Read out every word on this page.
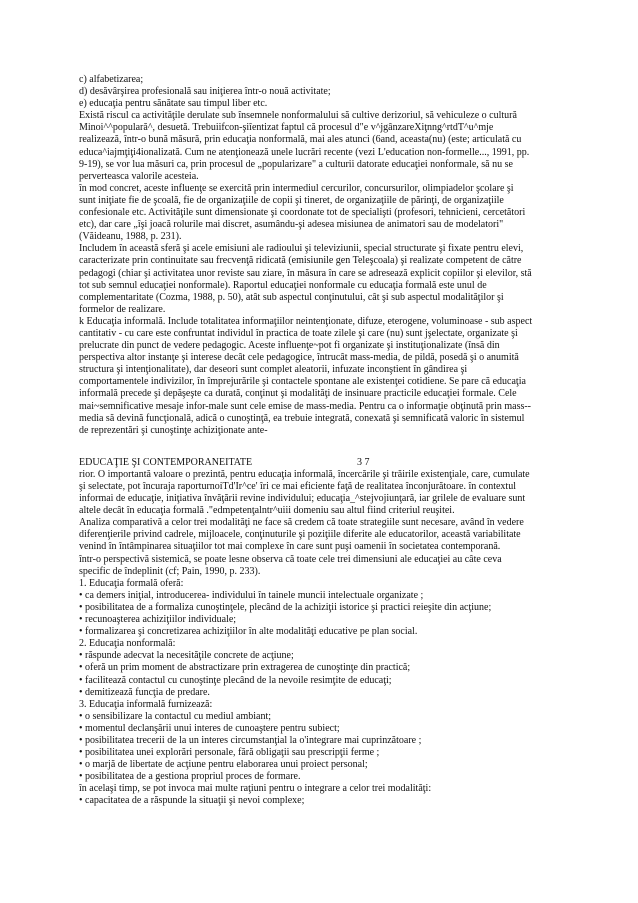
c) alfabetizarea;

d) desăvârşirea profesională sau iniţierea într-o nouă activitate;

e) educaţia pentru sănătate sau timpul liber etc.

Există riscul ca activităţile derulate sub însemnele nonformalului să cultive derizoriul, să vehiculeze o cultură

Minoi^^populară^, desuetă. Trebuiifcon-şiîentizat faptul că procesul d"e v^jgânzareXiţnng^rtdT^u^mje

realizează, într-o bună măsură, prin educaţia nonformală, mai ales atunci (6and, aceasta(nu) (este; articulată cu

educa^iajmţiţi4ionalizată. Cum ne atenţionează unele lucrări recente (vezi L'education non-formelle..., 1991, pp.

9-19), se vor lua măsuri ca, prin procesul de „popularizare" a culturii datorate educaţiei nonformale, să nu se

perverteasca valorile acesteia.

în mod concret, aceste influenţe se exercită prin intermediul cercurilor, concursurilor, olimpiadelor şcolare şi

sunt iniţiate fie de şcoală, fie de organizaţiile de copii şi tineret, de organizaţiile de părinţi, de organizaţiile

confesionale etc. Activităţile sunt dimensionate şi coordonate tot de specialişti (profesori, tehnicieni, cercetători

etc), dar care „îşi joacă rolurile mai discret, asumându-şi adesea misiunea de animatori sau de modelatori"

(Văideanu, 1988, p. 231).

Includem în această sferă şi acele emisiuni ale radioului şi televiziunii, special structurate şi fixate pentru elevi,

caracterizate prin continuitate sau frecvenţă ridicată (emisiunile gen Teleşcoala) şi realizate competent de către

pedagogi (chiar şi activitatea unor reviste sau ziare, în măsura în care se adresează explicit copiilor şi elevilor, stă

tot sub semnul educaţiei nonformale). Raportul educaţiei nonformale cu educaţia formală este unul de

complementaritate (Cozma, 1988, p. 50), atât sub aspectul conţinutului, cât şi sub aspectul modalităţilor şi

formelor de realizare.

k Educaţia informală. Include totalitatea informaţiilor neintenţionate, difuze, eterogene, voluminoase - sub aspect

cantitativ - cu care este confruntat individul în practica de toate zilele şi care (nu) sunt jşelectate, organizate şi

prelucrate din punct de vedere pedagogic. Aceste influenţe~pot fi organizate şi instituţionalizate (însă din

perspectiva altor instanţe şi interese decât cele pedagogice, întrucât mass-media, de pildă, posedă şi o anumită

structura şi intenţionalitate), dar deseori sunt complet aleatorii, infuzate inconştient în gândirea şi

comportamentele indivizilor, în împrejurările şi contactele spontane ale existenţei cotidiene. Se pare că educaţia

informală precede şi depăşeşte ca durată, conţinut şi modalităţi de insinuare practicile educaţiei formale. Cele

mai~semnificative mesaje infor-male sunt cele emise de mass-media. Pentru ca o informaţie obţinută prin mass--

media să devină funcţională, adică o cunoştinţă, ea trebuie integrată, conexată şi semnificată valoric în sistemul

de reprezentări şi cunoştinţe achiziţionate ante-

EDUCAŢIE ŞI CONTEMPORANEITATE	3 7

rior. O importantă valoare o prezintă, pentru educaţia informală, încercările şi trăirile existenţiale, care, cumulate

şi selectate, pot încuraja raporturnoiTd'Ir^ce' îri ce mai eficiente faţă de realitatea înconjurătoare. în contextul

informai de educaţie, iniţiativa învăţării revine individului; educaţia_^stejvojiunţară, iar grilele de evaluare sunt

altele decât în educaţia formală ."edmpetenţalntr^uiii domeniu sau altul fiind criteriul reuşitei.

Analiza comparativă a celor trei modalităţi ne face să credem că toate strategiile sunt necesare, având în vedere

diferenţierile privind cadrele, mijloacele, conţinuturile şi poziţiile diferite ale educatorilor, această variabilitate

venind în întâmpinarea situaţiilor tot mai complexe în care sunt puşi oamenii în societatea contemporană.

într-o perspectivă sistemică, se poate lesne observa că toate cele trei dimensiuni ale educaţiei au câte ceva

specific de îndeplinit (cf; Pain, 1990, p. 233).

1. Educaţia formală oferă:

• ca demers iniţial, introducerea- individului în tainele muncii intelectuale organizate ;

• posibilitatea de a formaliza cunoştinţele, plecând de la achiziţii istorice şi practici reieşite din acţiune;

• recunoaşterea achiziţiilor individuale;

• formalizarea şi concretizarea achiziţiilor în alte modalităţi educative pe plan social.

2. Educaţia nonformală:

• răspunde adecvat la necesităţile concrete de acţiune;

• oferă un prim moment de abstractizare prin extragerea de cunoştinţe din practică;

• facilitează contactul cu cunoştinţe plecând de la nevoile resimţite de educaţi;

• demitizează funcţia de predare.

3. Educaţia informală furnizează:

• o sensibilizare la contactul cu mediul ambiant;

• momentul declanşării unui interes de cunoaştere pentru subiect;

• posibilitatea trecerii de la un interes circumstanţial la o'integrare mai cuprinzătoare ;

• posibilitatea unei explorări personale, fără obligaţii sau prescripţii ferme ;

• o marjă de libertate de acţiune pentru elaborarea unui proiect personal;

• posibilitatea de a gestiona propriul proces de formare.

în acelaşi timp, se pot invoca mai multe raţiuni pentru o integrare a celor trei modalităţi:

• capacitatea de a răspunde la situaţii şi nevoi complexe;
